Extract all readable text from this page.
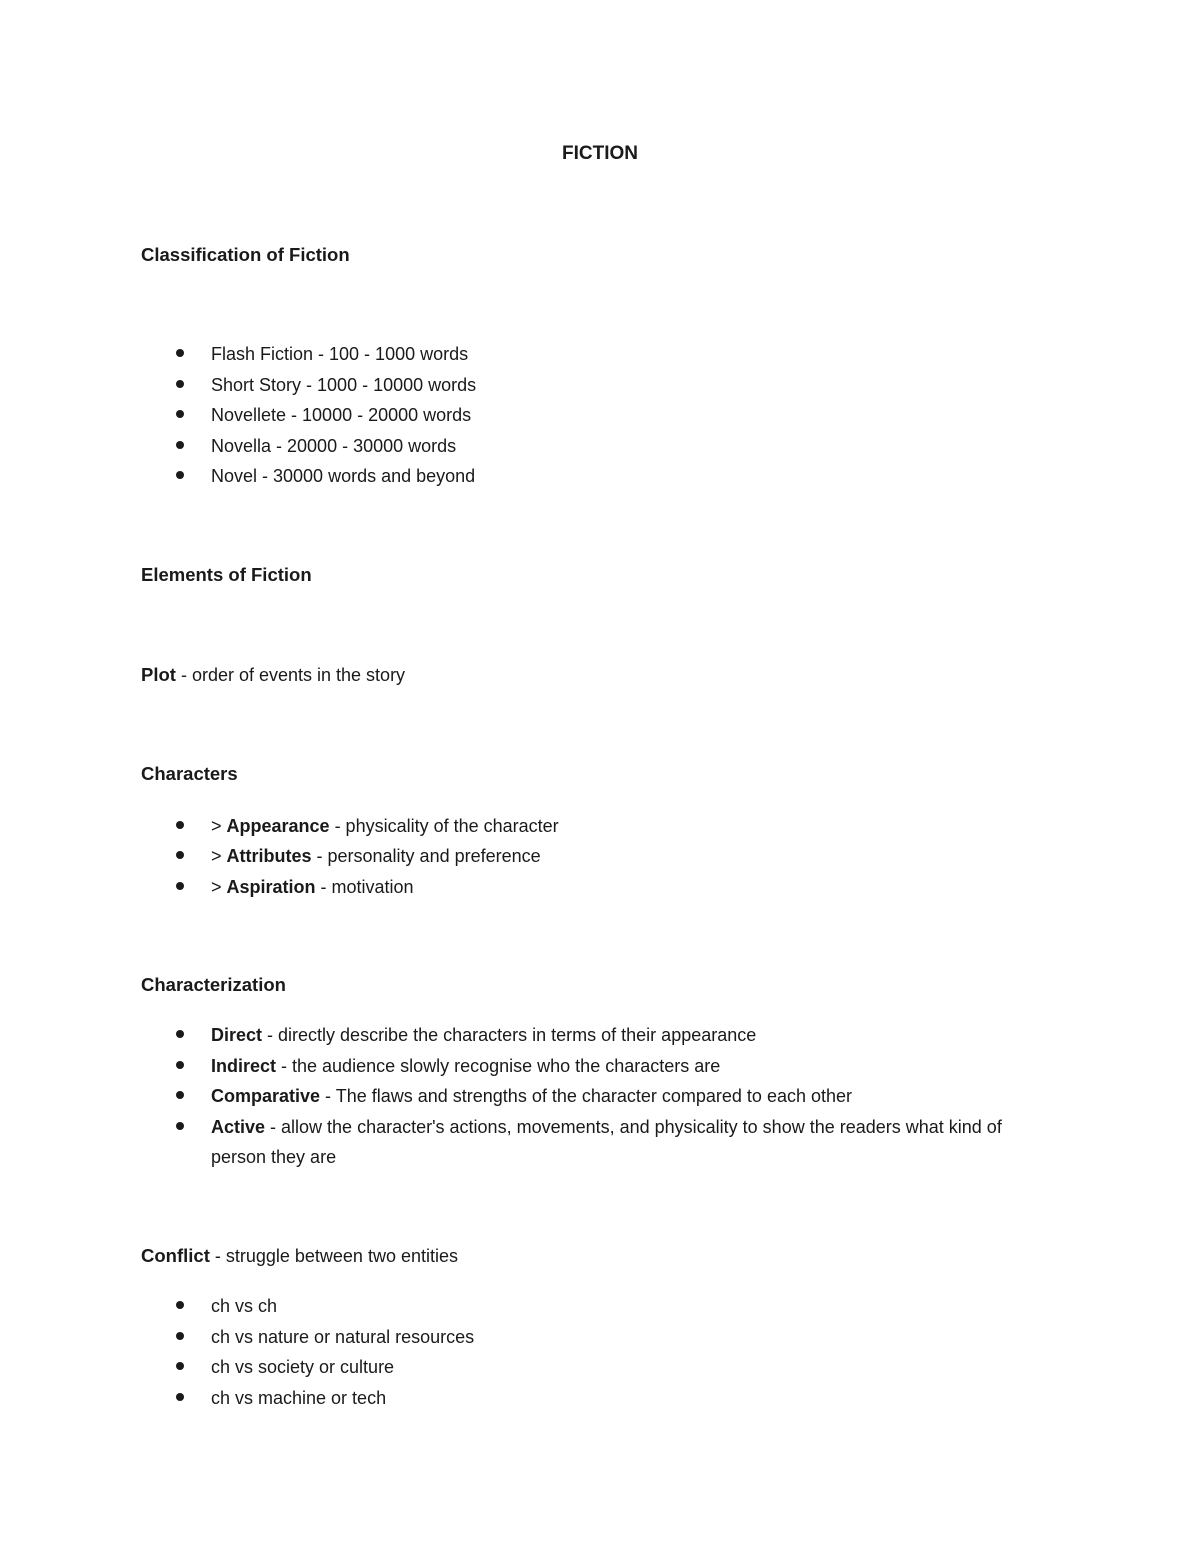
FICTION
Classification of Fiction
Flash Fiction - 100 - 1000 words
Short Story - 1000 - 10000 words
Novellete - 10000 - 20000 words
Novella - 20000 - 30000 words
Novel - 30000 words and beyond
Elements of Fiction
Plot - order of events in the story
Characters
> Appearance - physicality of the character
> Attributes - personality and preference
> Aspiration - motivation
Characterization
Direct - directly describe the characters in terms of their appearance
Indirect - the audience slowly recognise who the characters are
Comparative - The flaws and strengths of the character compared to each other
Active - allow the character's actions, movements, and physicality to show the readers what kind of person they are
Conflict - struggle between two entities
ch vs ch
ch vs nature or natural resources
ch vs society or culture
ch vs machine or tech
